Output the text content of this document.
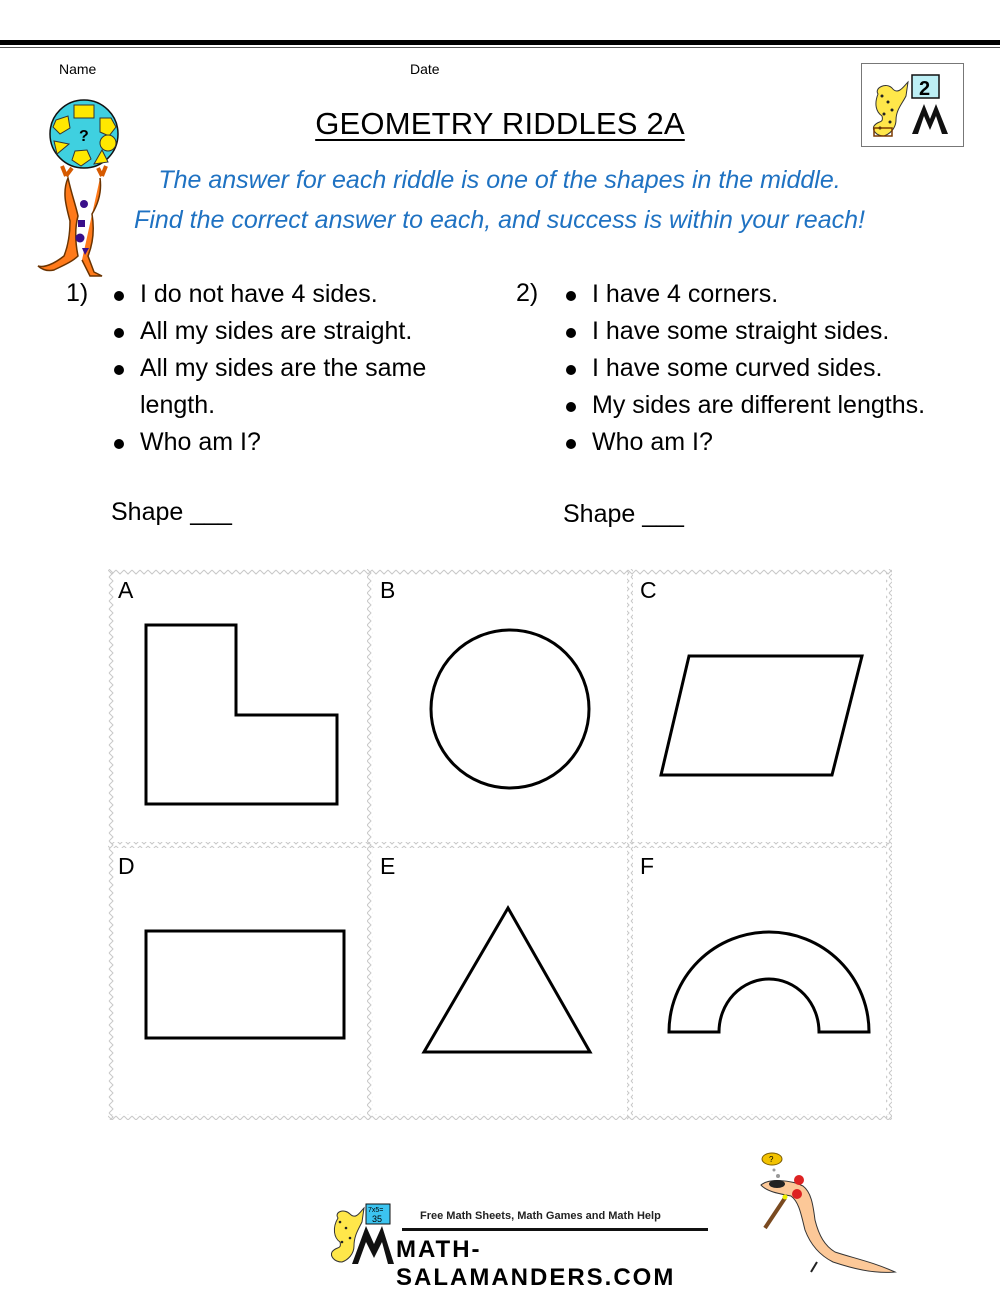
Name	Date
?
2
GEOMETRY RIDDLES 2A
The answer for each riddle is one of the shapes in the middle.
Find the correct answer to each, and success is within your reach!
1)	I do not have 4 sides.
All my sides are straight.
All my sides are the same length.
Who am I?
Shape ___
2)	I have 4 corners.
I have some straight sides.
I have some curved sides.
My sides are different lengths.
Who am I?
Shape ___
A	B	C
D	E	F
7x5=
35	Free Math Sheets, Math Games and Math Help
MATH-SALAMANDERS.COM
?
